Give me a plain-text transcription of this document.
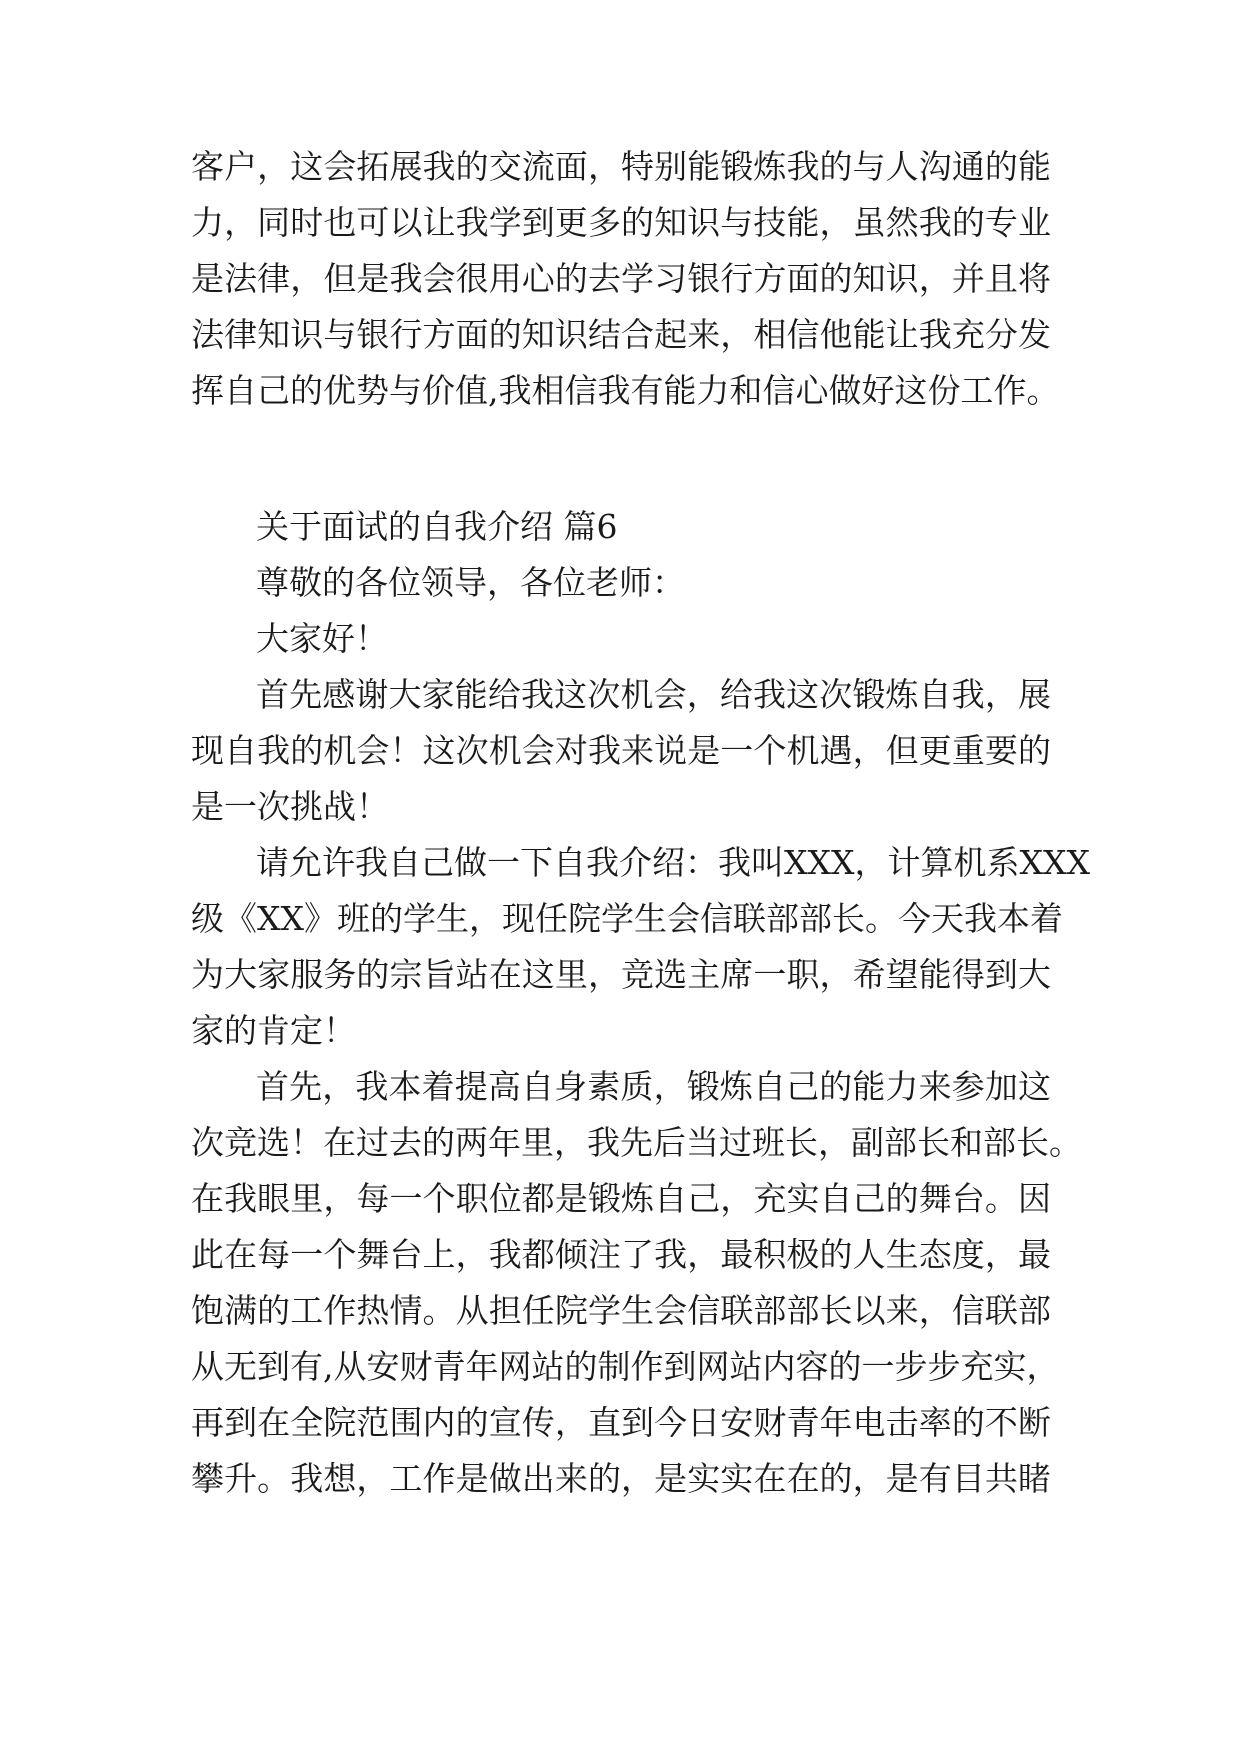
客户，这会拓展我的交流面，特别能锻炼我的与人沟通的能
力，同时也可以让我学到更多的知识与技能，虽然我的专业
是法律，但是我会很用心的去学习银行方面的知识，并且将
法律知识与银行方面的知识结合起来，相信他能让我充分发
挥自己的优势与价值,我相信我有能力和信心做好这份工作。
关于面试的自我介绍 篇6
尊敬的各位领导，各位老师：
大家好！
首先感谢大家能给我这次机会，给我这次锻炼自我，展
现自我的机会！这次机会对我来说是一个机遇，但更重要的
是一次挑战！
请允许我自己做一下自我介绍：我叫XXX，计算机系XXX
级《XX》班的学生，现任院学生会信联部部长。今天我本着
为大家服务的宗旨站在这里，竞选主席一职，希望能得到大
家的肯定！
首先，我本着提高自身素质，锻炼自己的能力来参加这
次竞选！在过去的两年里，我先后当过班长，副部长和部长。
在我眼里，每一个职位都是锻炼自己，充实自己的舞台。因
此在每一个舞台上，我都倾注了我，最积极的人生态度，最
饱满的工作热情。从担任院学生会信联部部长以来，信联部
从无到有,从安财青年网站的制作到网站内容的一步步充实，
再到在全院范围内的宣传，直到今日安财青年电击率的不断
攀升。我想，工作是做出来的，是实实在在的，是有目共睹
